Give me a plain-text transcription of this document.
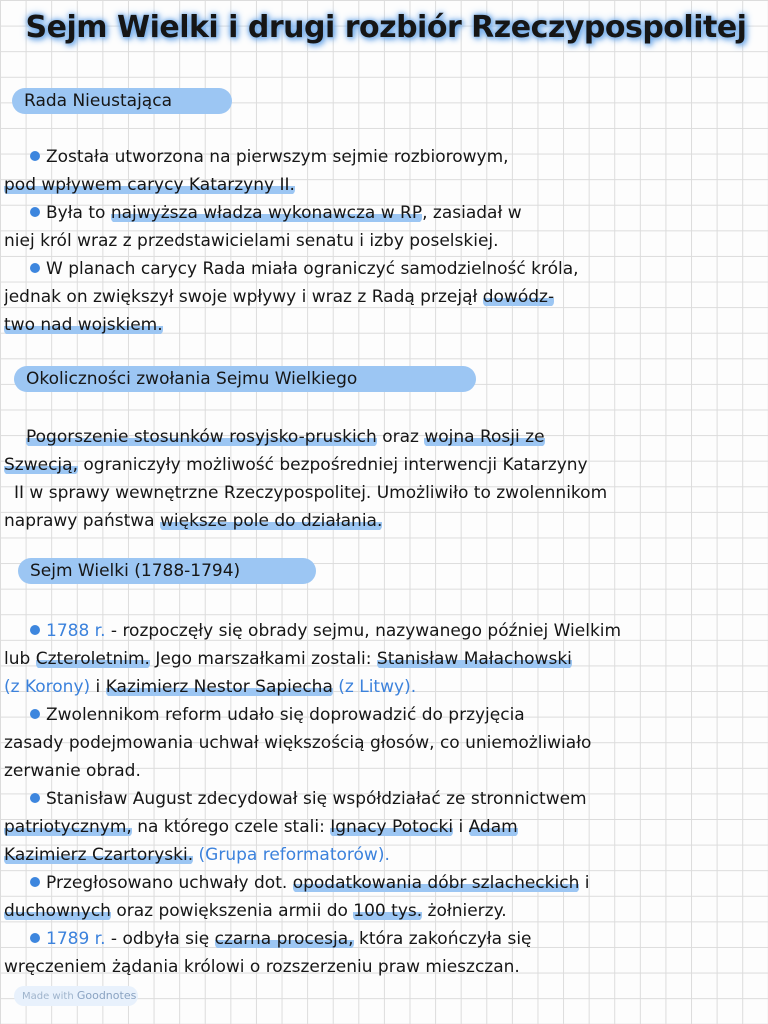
Sejm Wielki i drugi rozbiór Rzeczypospolitej
Rada Nieustająca

Została utworzona na pierwszym sejmie rozbiorowym,

pod wpływem carycy Katarzyny II.

Była to najwyższa władza wykonawcza w RP, zasiadał w

niej król wraz z przedstawicielami senatu i izby poselskiej.

W planach carycy Rada miała ograniczyć samodzielność króla,

jednak on zwiększył swoje wpływy i wraz z Radą przejął dowódz-

two nad wojskiem.

Okoliczności zwołania Sejmu Wielkiego

Pogorszenie stosunków rosyjsko-pruskich oraz wojna Rosji ze

Szwecją, ograniczyły możliwość bezpośredniej interwencji Katarzyny

II w sprawy wewnętrzne Rzeczypospolitej. Umożliwiło to zwolennikom

naprawy państwa większe pole do działania.

Sejm Wielki (1788-1794)

1788 r. - rozpoczęły się obrady sejmu, nazywanego później Wielkim

lub Czteroletnim. Jego marszałkami zostali: Stanisław Małachowski

(z Korony) i Kazimierz Nestor Sapiecha (z Litwy).

Zwolennikom reform udało się doprowadzić do przyjęcia

zasady podejmowania uchwał większością głosów, co uniemożliwiało

zerwanie obrad.

Stanisław August zdecydował się współdziałać ze stronnictwem

patriotycznym, na którego czele stali: Ignacy Potocki i Adam

Kazimierz Czartoryski. (Grupa reformatorów).

Przegłosowano uchwały dot. opodatkowania dóbr szlacheckich i

duchownych oraz powiększenia armii do 100 tys. żołnierzy.

1789 r. - odbyła się czarna procesja, która zakończyła się

wręczeniem żądania królowi o rozszerzeniu praw mieszczan.

Made with Goodnotes
